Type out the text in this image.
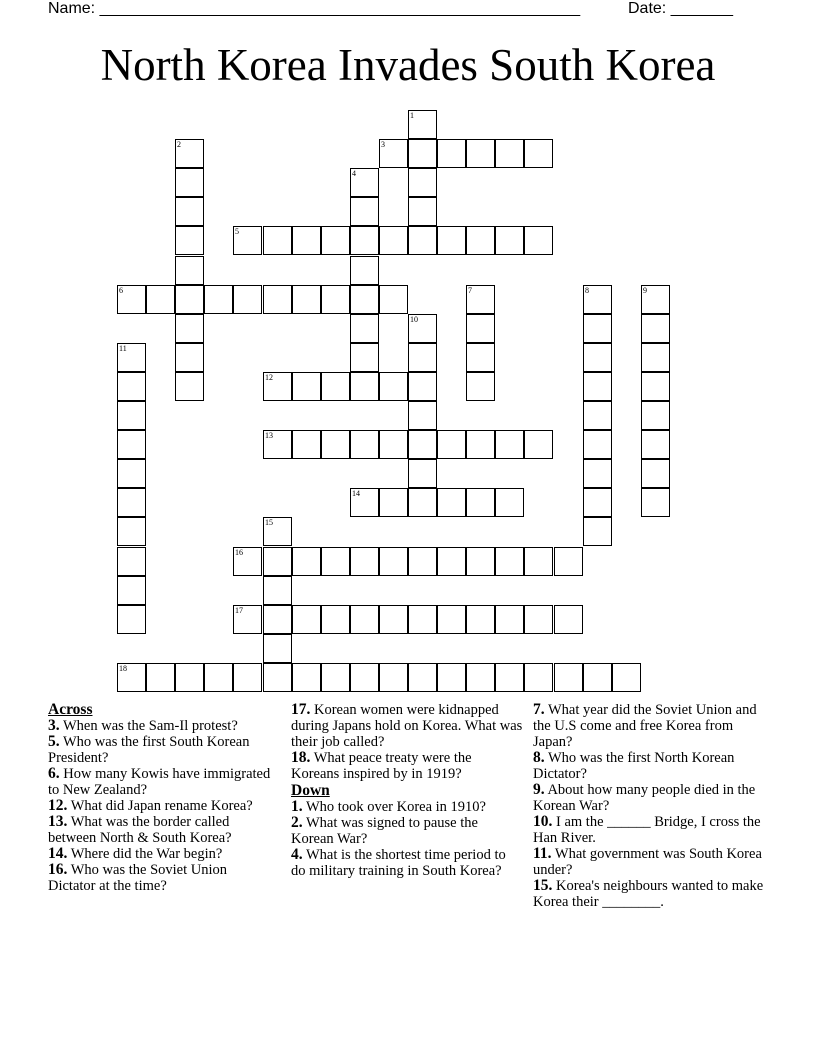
Name: ______________________________________________________	Date: _______
North Korea Invades South Korea
3
5
6
12
13
14
16
17
18
1
2
4
7	8	9
10
11
15
Across
3. When was the Sam-Il protest?
5. Who was the first South Korean President?
6. How many Kowis have immigrated to New Zealand?
12. What did Japan rename Korea?
13. What was the border called between North & South Korea?
14. Where did the War begin?
16. Who was the Soviet Union Dictator at the time?
17. Korean women were kidnapped during Japans hold on Korea. What was their job called?
18. What peace treaty were the Koreans inspired by in 1919?
Down
1. Who took over Korea in 1910?
2. What was signed to pause the Korean War?
4. What is the shortest time period to do military training in South Korea?
7. What year did the Soviet Union and the U.S come and free Korea from Japan?
8. Who was the first North Korean Dictator?
9. About how many people died in the Korean War?
10. I am the ______ Bridge, I cross the Han River.
11. What government was South Korea under?
15. Korea's neighbours wanted to make Korea their ________.
